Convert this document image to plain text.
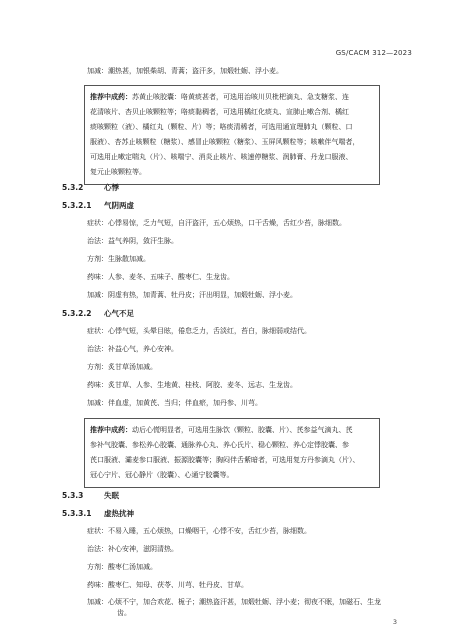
GS/CACM 312—2023
加减：潮热甚，加银柴胡、青蒿；盗汗多，加煅牡蛎、浮小麦。
推荐中成药：苏黄止咳胶囊：咯黄痰甚者，可选用治咳川贝枇杷滴丸、急支糖浆、连
花清咳片、杏贝止咳颗粒等；咯痰黏稠者，可选用橘红化痰丸、宣肺止嗽合剂、橘红
痰咳颗粒（液）、橘红丸（颗粒、片）等；咯痰清稀者，可选用通宣理肺丸（颗粒、口
服液）、杏苏止咳颗粒（糖浆）、感冒止咳颗粒（糖浆）、玉屏风颗粒等；咳嗽伴气喘者，
可选用止嗽定喘丸（片）、咳喘宁、消炎止咳片、咳速停糖浆、润肺膏、丹龙口服液、
复元止咳颗粒等。
5.3.2	心悸
5.3.2.1 气阴两虚
症状：心悸易惊，乏力气短，自汗盗汗，五心烦热，口干舌燥，舌红少苔，脉细数。
治法：益气养阴，敛汗生脉。
方剂：生脉散加减。
药味：人参、麦冬、五味子、酸枣仁、生龙齿。
加减：阴虚有热，加青蒿、牡丹皮；汗出明显，加煅牡蛎、浮小麦。
5.3.2.2 心气不足
症状：心悸气短，头晕目眩，倦怠乏力，舌淡红，苔白，脉细弱或结代。
治法：补益心气，养心安神。
方剂：炙甘草汤加减。
药味：炙甘草、人参、生地黄、桂枝、阿胶、麦冬、远志、生龙齿。
加减：伴血虚，加黄芪、当归；伴血瘀，加丹参、川芎。
推荐中成药：动后心慌明显者，可选用生脉饮（颗粒、胶囊、片）、芪参益气滴丸、芪
参补气胶囊、参松养心胶囊、通脉养心丸、养心氏片、稳心颗粒、养心定悸胶囊、参
芪口服液、灞麦参口服液、振源胶囊等；胸闷伴舌紫暗者，可选用复方丹参滴丸（片）、
冠心宁片、冠心静片（胶囊）、心通宁胶囊等。
5.3.3	失眠
5.3.3.1 虚热扰神
症状：不易入睡，五心烦热，口燥咽干，心悸不安，舌红少苔，脉细数。
治法：补心安神，滋阴清热。
方剂：酸枣仁汤加减。
药味：酸枣仁、知母、茯苓、川芎、牡丹皮、甘草。
加减：心烦不宁，加合欢花、栀子；潮热盗汗甚，加煅牡蛎、浮小麦；彻夜不眠，加磁石、生龙
齿。
3
